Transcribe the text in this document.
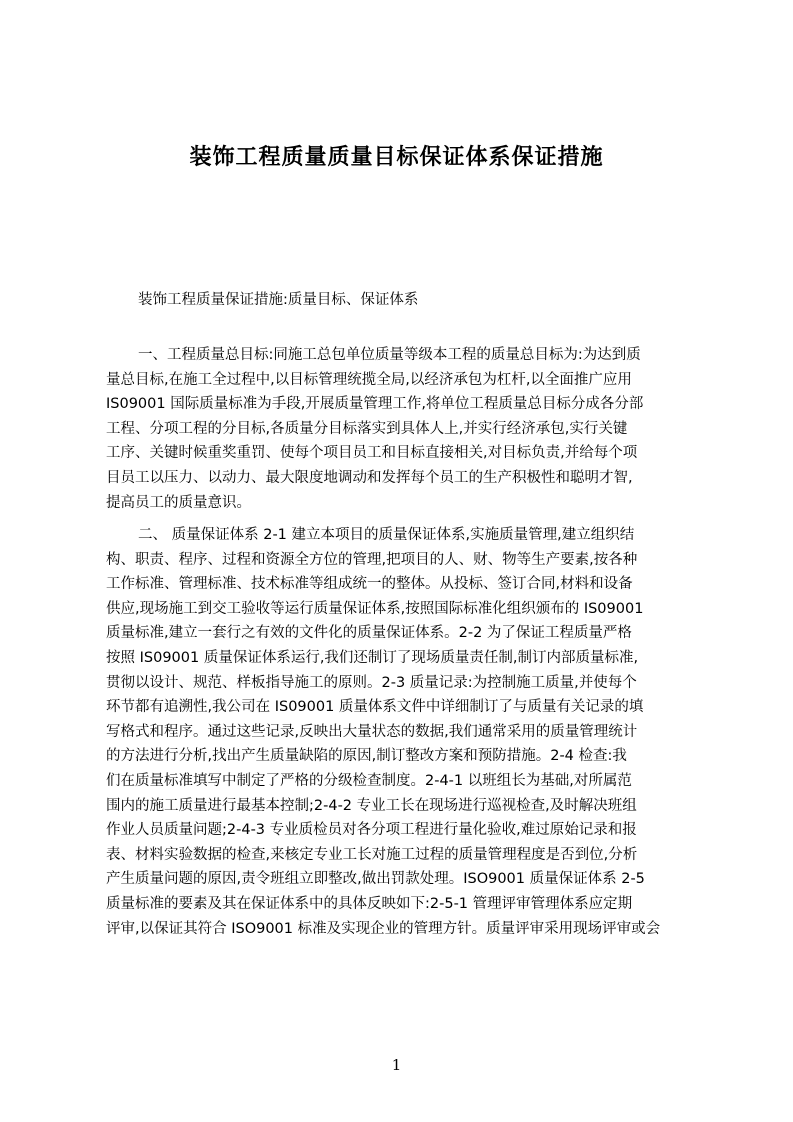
装饰工程质量质量目标保证体系保证措施
装饰工程质量保证措施:质量目标、保证体系
一、工程质量总目标:同施工总包单位质量等级本工程的质量总目标为:为达到质
量总目标,在施工全过程中,以目标管理统揽全局,以经济承包为杠杆,以全面推广应用
IS09001 国际质量标准为手段,开展质量管理工作,将单位工程质量总目标分成各分部
工程、分项工程的分目标,各质量分目标落实到具体人上,并实行经济承包,实行关键
工序、关键时候重奖重罚、使每个项目员工和目标直接相关,对目标负责,并给每个项
目员工以压力、以动力、最大限度地调动和发挥每个员工的生产积极性和聪明才智,
提高员工的质量意识。
二、 质量保证体系 2-1 建立本项目的质量保证体系,实施质量管理,建立组织结
构、职责、程序、过程和资源全方位的管理,把项目的人、财、物等生产要素,按各种
工作标准、管理标准、技术标准等组成统一的整体。从投标、签订合同,材料和设备
供应,现场施工到交工验收等运行质量保证体系,按照国际标准化组织颁布的 IS09001
质量标准,建立一套行之有效的文件化的质量保证体系。2-2 为了保证工程质量严格
按照 IS09001 质量保证体系运行,我们还制订了现场质量责任制,制订内部质量标准,
贯彻以设计、规范、样板指导施工的原则。2-3 质量记录:为控制施工质量,并使每个
环节都有追溯性,我公司在 IS09001 质量体系文件中详细制订了与质量有关记录的填
写格式和程序。通过这些记录,反映出大量状态的数据,我们通常采用的质量管理统计
的方法进行分析,找出产生质量缺陷的原因,制订整改方案和预防措施。2-4 检查:我
们在质量标准填写中制定了严格的分级检查制度。2-4-1 以班组长为基础,对所属范
围内的施工质量进行最基本控制;2-4-2 专业工长在现场进行巡视检查,及时解决班组
作业人员质量问题;2-4-3 专业质检员对各分项工程进行量化验收,难过原始记录和报
表、材料实验数据的检查,来核定专业工长对施工过程的质量管理程度是否到位,分析
产生质量问题的原因,责令班组立即整改,做出罚款处理。ISO9001 质量保证体系 2-5
质量标准的要素及其在保证体系中的具体反映如下:2-5-1 管理评审管理体系应定期
评审,以保证其符合 ISO9001 标准及实现企业的管理方针。质量评审采用现场评审或会
1
